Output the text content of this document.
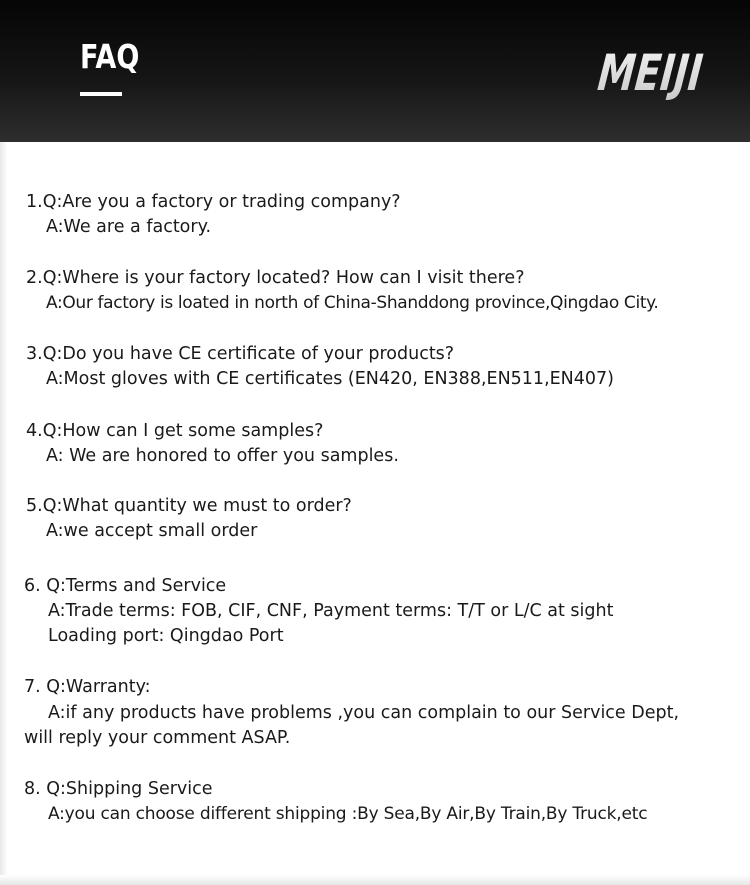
FAQ	MEIJI
1.Q:Are you a factory or trading company?
A:We are a factory.
2.Q:Where is your factory located? How can I visit there?
A:Our factory is loated in north of China-Shanddong province,Qingdao City.
3.Q:Do you have CE certificate of your products?
A:Most gloves with CE certificates (EN420, EN388,EN511,EN407)
4.Q:How can I get some samples?
A: We are honored to offer you samples.
5.Q:What quantity we must to order?
A:we accept small order
6. Q:Terms and Service
A:Trade terms: FOB, CIF, CNF, Payment terms: T/T or L/C at sight
Loading port: Qingdao Port
7. Q:Warranty:
A:if any products have problems ,you can complain to our Service Dept,
will reply your comment ASAP.
8. Q:Shipping Service
A:you can choose different shipping :By Sea,By Air,By Train,By Truck,etc
